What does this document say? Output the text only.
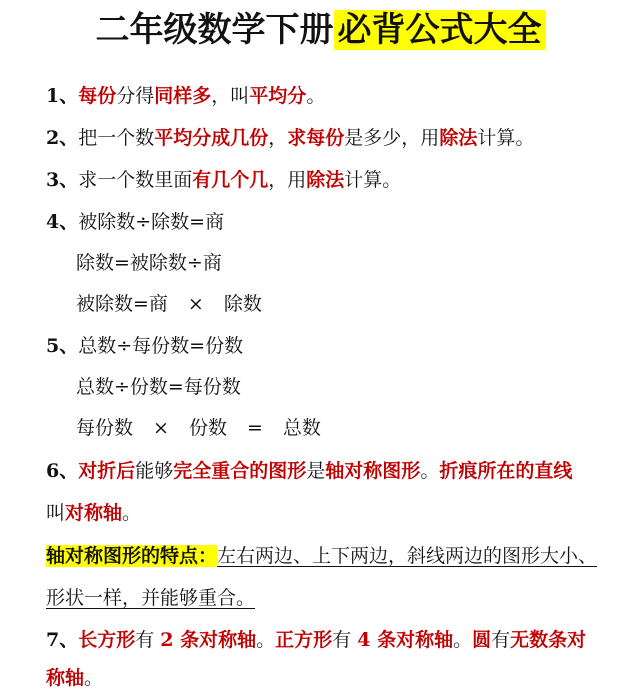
二年级数学下册 必背公式大全
1、每份分得同样多，叫平均分。
2、把一个数平均分成几份，求每份是多少，用除法计算。
3、求一个数里面有几个几，用除法计算。
4、被除数÷除数=商
除数=被除数÷商
被除数=商 × 除数
5、总数÷每份数=份数
总数÷份数=每份数
每份数 × 份数 = 总数
6、对折后能够完全重合的图形是轴对称图形。折痕所在的直线
叫对称轴。
轴对称图形的特点：左右两边、上下两边，斜线两边的图形大小、
形状一样，并能够重合。
7、长方形有 2 条对称轴。正方形有 4 条对称轴。圆有无数条对
称轴。
